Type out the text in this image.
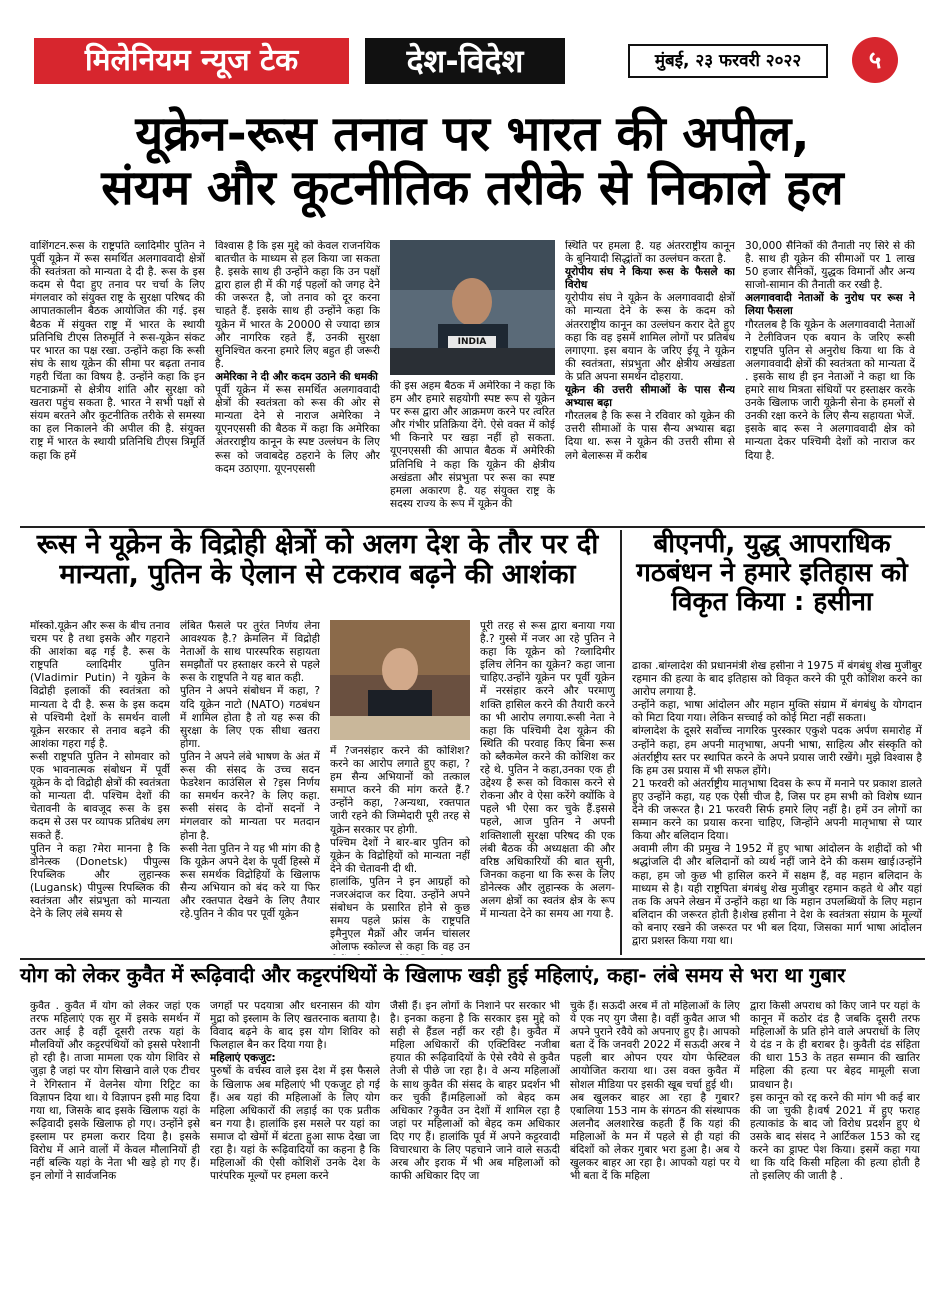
मिलेनियम न्यूज टेक	देश-विदेश	मुंबई, २३ फरवरी २०२२	५
यूक्रेन-रूस तनाव पर भारत की अपील,
संयम और कूटनीतिक तरीके से निकाले हल

वाशिंगटन.रूस के राष्ट्रपति व्लादिमीर पुतिन ने पूर्वी यूक्रेन में रूस समर्थित अलगाववादी क्षेत्रों की स्वतंत्रता को मान्यता दे दी है. रूस के इस कदम से पैदा हुए तनाव पर चर्चा के लिए मंगलवार को संयुक्त राष्ट्र के सुरक्षा परिषद की आपातकालीन बैठक आयोजित की गई. इस बैठक में संयुक्त राष्ट्र में भारत के स्थायी प्रतिनिधि टीएस तिरुमूर्ति ने रूस-यूक्रेन संकट पर भारत का पक्ष रखा. उन्होंने कहा कि रूसी संघ के साथ यूक्रेन की सीमा पर बढ़ता तनाव गहरी चिंता का विषय है. उन्होंने कहा कि इन घटनाक्रमों से क्षेत्रीय शांति और सुरक्षा को खतरा पहुंच सकता है. भारत ने सभी पक्षों से संयम बरतने और कूटनीतिक तरीके से समस्या का हल निकालने की अपील की है. संयुक्त राष्ट्र में भारत के स्थायी प्रतिनिधि टीएस त्रिमूर्ति कहा कि हमें

विश्वास है कि इस मुद्दे को केवल राजनयिक बातचीत के माध्यम से हल किया जा सकता है. इसके साथ ही उन्होंने कहा कि उन पक्षों द्वारा हाल ही में की गई पहलों को जगह देने की जरूरत है, जो तनाव को दूर करना चाहते हैं. इसके साथ ही उन्होंने कहा कि यूक्रेन में भारत के 20000 से ज्यादा छात्र और नागरिक रहते हैं, उनकी सुरक्षा सुनिश्चित करना हमारे लिए बहुत ही जरूरी है.

अमेरिका ने दी और कदम उठाने की धमकी

पूर्वी यूक्रेन में रूस समर्थित अलगाववादी क्षेत्रों की स्वतंत्रता को रूस की ओर से मान्यता देने से नाराज अमेरिका ने यूएनएससी की बैठक में कहा कि अमेरिका अंतरराष्ट्रीय कानून के स्पष्ट उल्लंघन के लिए रूस को जवाबदेह ठहराने के लिए और कदम उठाएगा. यूएनएससी

INDIA

की इस अहम बैठक में अमेरिका ने कहा कि हम और हमारे सहयोगी स्पष्ट रूप से यूक्रेन पर रूस द्वारा और आक्रमण करने पर त्वरित और गंभीर प्रतिक्रिया देंगे. ऐसे वक्त में कोई भी किनारे पर खड़ा नहीं हो सकता. यूएनएससी की आपात बैठक में अमेरिकी प्रतिनिधि ने कहा कि यूक्रेन की क्षेत्रीय अखंडता और संप्रभुता पर रूस का स्पष्ट हमला अकारण है. यह संयुक्त राष्ट्र के सदस्य राज्य के रूप में यूक्रेन की

स्थिति पर हमला है. यह अंतरराष्ट्रीय कानून के बुनियादी सिद्धांतों का उल्लंघन करता है.

यूरोपीय संघ ने किया रूस के फैसले का विरोध

यूरोपीय संघ ने यूक्रेन के अलगाववादी क्षेत्रों को मान्यता देने के रूस के कदम को अंतरराष्ट्रीय कानून का उल्लंघन करार देते हुए कहा कि वह इसमें शामिल लोगों पर प्रतिबंध लगाएगा. इस बयान के जरिए ईयू ने यूक्रेन की स्वतंत्रता, संप्रभुता और क्षेत्रीय अखंडता के प्रति अपना समर्थन दोहराया.

यूक्रेन की उत्तरी सीमाओं के पास सैन्य अभ्यास बढ़ा

गौरतलब है कि रूस ने रविवार को यूक्रेन की उत्तरी सीमाओं के पास सैन्य अभ्यास बढ़ा दिया था. रूस ने यूक्रेन की उत्तरी सीमा से लगे बेलारूस में करीब

30,000 सैनिकों की तैनाती नए सिरे से की है. साथ ही यूक्रेन की सीमाओं पर 1 लाख 50 हजार सैनिकों, युद्धक विमानों और अन्य साजो-सामान की तैनाती कर रखी है.

अलगाववादी नेताओं के नुरोध पर रूस ने लिया फैसला

गौरतलब है कि यूक्रेन के अलगाववादी नेताओं ने टेलीविजन एक बयान के जरिए रूसी राष्ट्रपति पुतिन से अनुरोध किया था कि वे अलगाववादी क्षेत्रों की स्वतंत्रता को मान्यता दें . इसके साथ ही इन नेताओं ने कहा था कि हमारे साथ मित्रता संधियों पर हस्ताक्षर करके उनके खिलाफ जारी यूक्रेनी सेना के हमलों से उनकी रक्षा करने के लिए सैन्य सहायता भेजें. इसके बाद रूस ने अलगाववादी क्षेत्र को मान्यता देकर पश्चिमी देशों को नाराज कर दिया है.

रूस ने यूक्रेन के विद्रोही क्षेत्रों को अलग देश के तौर पर दी मान्यता, पुतिन के ऐलान से टकराव बढ़ने की आशंका

मॉस्को.यूक्रेन और रूस के बीच तनाव चरम पर है तथा इसके और गहराने की आशंका बढ़ गई है. रूस के राष्ट्रपति व्लादिमीर पुतिन (Vladimir Putin) ने यूक्रेन के विद्रोही इलाकों की स्वतंत्रता को मान्यता दे दी है. रूस के इस कदम से पश्चिमी देशों के समर्थन वाली यूक्रेन सरकार से तनाव बढ़ने की आशंका गहरा गई है.

रूसी राष्ट्रपति पुतिन ने सोमवार को एक भावनात्मक संबोधन में पूर्वी यूक्रेन के दो विद्रोही क्षेत्रों की स्वतंत्रता को मान्यता दी. पश्चिम देशों की चेतावनी के बावजूद रूस के इस कदम से उस पर व्यापक प्रतिबंध लग सकते हैं.

पुतिन ने कहा ?मेरा मानना है कि डोनेत्स्क (Donetsk) पीपुल्स रिपब्लिक और लुहान्स्क (Lugansk) पीपुल्स रिपब्लिक की स्वतंत्रता और संप्रभुता को मान्यता देने के लिए लंबे समय से

लंबित फैसले पर तुरंत निर्णय लेना आवश्यक है.? क्रेमलिन में विद्रोही नेताओं के साथ पारस्परिक सहायता समझौतों पर हस्ताक्षर करने से पहले रूस के राष्ट्रपति ने यह बात कही.

पुतिन ने अपने संबोधन में कहा, ?यदि यूक्रेन नाटो (NATO) गठबंधन में शामिल होता है तो यह रूस की सुरक्षा के लिए एक सीधा खतरा होगा.

पुतिन ने अपने लंबे भाषण के अंत में रूस की संसद के उच्च सदन फेडरेशन काउंसिल से ?इस निर्णय का समर्थन करने? के लिए कहा. रूसी संसद के दोनों सदनों ने मंगलवार को मान्यता पर मतदान होना है.

रूसी नेता पुतिन ने यह भी मांग की है कि यूक्रेन अपने देश के पूर्वी हिस्से में रूस समर्थक विद्रोहियों के खिलाफ सैन्य अभियान को बंद करे या फिर और रक्तपात देखने के लिए तैयार रहे.पुतिन ने कीव पर पूर्वी यूक्रेन

में ?जनसंहार करने की कोशिश? करने का आरोप लगाते हुए कहा, ?हम सैन्य अभियानों को तत्काल समाप्त करने की मांग करते हैं.? उन्होंने कहा, ?अन्यथा, रक्तपात जारी रहने की जिम्मेदारी पूरी तरह से यूक्रेन सरकार पर होगी.

पश्चिम देशों ने बार-बार पुतिन को यूक्रेन के विद्रोहियों को मान्यता नहीं देने की चेतावनी दी थी.

हालांकि, पुतिन ने इन आग्रहों को नजरअंदाज कर दिया. उन्होंने अपने संबोधन के प्रसारित होने से कुछ समय पहले फ्रांस के राष्ट्रपति इमैनुएल मैक्रों और जर्मन चांसलर ओलाफ स्कोल्ज से कहा कि वह उन

पूरी तरह से रूस द्वारा बनाया गया है.? गुस्से में नजर आ रहे पुतिन ने कहा कि यूक्रेन को ?व्लादिमीर इलिच लेनिन का यूक्रेन? कहा जाना चाहिए.उन्होंने यूक्रेन पर पूर्वी यूक्रेन में नरसंहार करने और परमाणु शक्ति हासिल करने की तैयारी करने का भी आरोप लगाया.रूसी नेता ने कहा कि पश्चिमी देश यूक्रेन की स्थिति की परवाह किए बिना रूस को ब्लैकमेल करने की कोशिश कर रहे थे. पुतिन ने कहा,उनका एक ही उद्देश्य है रूस को विकास करने से रोकना और वे ऐसा करेंगे क्योंकि वे पहले भी ऐसा कर चुके हैं.इससे पहले, आज पुतिन ने अपनी शक्तिशाली सुरक्षा परिषद की एक लंबी बैठक की अध्यक्षता की और वरिष्ठ अधिकारियों की बात सुनी, जिनका कहना था कि रूस के लिए डोनेत्स्क और लुहान्स्क के अलग-अलग क्षेत्रों का स्वतंत्र क्षेत्र के रूप में मान्यता देने का समय आ गया है.

बीएनपी, युद्ध आपराधिक गठबंधन ने हमारे इतिहास को विकृत किया : हसीना

ढाका .बांग्लादेश की प्रधानमंत्री शेख हसीना ने 1975 में बंगबंधु शेख मुजीबुर रहमान की हत्या के बाद इतिहास को विकृत करने की पूरी कोशिश करने का आरोप लगाया है.

उन्होंने कहा, भाषा आंदोलन और महान मुक्ति संग्राम में बंगबंधु के योगदान को मिटा दिया गया। लेकिन सच्चाई को कोई मिटा नहीं सकता।

बांग्लादेश के दूसरे सर्वोच्च नागरिक पुरस्कार एकुशे पदक अर्पण समारोह में उन्होंने कहा, हम अपनी मातृभाषा, अपनी भाषा, साहित्य और संस्कृति को अंतर्राष्ट्रीय स्तर पर स्थापित करने के अपने प्रयास जारी रखेंगे। मुझे विश्वास है कि हम उस प्रयास में भी सफल होंगे।

21 फरवरी को अंतर्राष्ट्रीय मातृभाषा दिवस के रूप में मनाने पर प्रकाश डालते हुए उन्होंने कहा, यह एक ऐसी चीज है, जिस पर हम सभी को विशेष ध्यान देने की जरूरत है। 21 फरवरी सिर्फ हमारे लिए नहीं है। हमें उन लोगों का सम्मान करने का प्रयास करना चाहिए, जिन्होंने अपनी मातृभाषा से प्यार किया और बलिदान दिया।

अवामी लीग की प्रमुख ने 1952 में हुए भाषा आंदोलन के शहीदों को भी श्रद्धांजलि दी और बलिदानों को व्यर्थ नहीं जाने देने की कसम खाई।उन्होंने कहा, हम जो कुछ भी हासिल करने में सक्षम हैं, वह महान बलिदान के माध्यम से है। यही राष्ट्रपिता बंगबंधु शेख मुजीबुर रहमान कहते थे और यहां तक कि अपने लेखन में उन्होंने कहा था कि महान उपलब्धियों के लिए महान बलिदान की जरूरत होती है।शेख हसीना ने देश के स्वतंत्रता संग्राम के मूल्यों को बनाए रखने की जरूरत पर भी बल दिया, जिसका मार्ग भाषा आंदोलन द्वारा प्रशस्त किया गया था।

योग को लेकर कुवैत में रूढ़िवादी और कट्टरपंथियों के खिलाफ खड़ी हुई महिलाएं, कहा- लंबे समय से भरा था गुबार

कुवैत . कुवैत में योग को लेकर जहां एक तरफ महिलाएं एक सुर में इसके समर्थन में उतर आई है वहीं दूसरी तरफ यहां के मौलवियों और कट्टरपंथियों को इससे परेशानी हो रही है। ताजा मामला एक योग शिविर से जुड़ा है जहां पर योग सिखाने वाले एक टीचर ने रेगिस्तान में वेलनेस योगा रिट्रिट का विज्ञापन दिया था। ये विज्ञापन इसी माह दिया गया था, जिसके बाद इसके खिलाफ यहां के रूढ़िवादी इसके खिलाफ हो गए। उन्होंने इसे इस्लाम पर हमला करार दिया है। इसके विरोध में आने वालों में केवल मौलानियों ही नहीं बल्कि यहां के नेता भी खड़े हो गए हैं। इन लोगों ने सार्वजनिक

जगहों पर पदयात्रा और धरनासन की योग मुद्रा को इस्लाम के लिए खतरनाक बताया है। विवाद बढ़ने के बाद इस योग शिविर को फिलहाल बैन कर दिया गया है।

महिलाएं एकजुट:

पुरुषों के वर्चस्व वाले इस देश में इस फैसले के खिलाफ अब महिलाएं भी एकजुट हो गई हैं। अब यहां की महिलाओं के लिए योग महिला अधिकारों की लड़ाई का एक प्रतीक बन गया है। हालांकि इस मसले पर यहां का समाज दो खेमों में बंटता हुआ साफ देखा जा रहा है। यहां के रूढ़िवादियों का कहना है कि महिलाओं की ऐसी कोशिशें उनके देश के पारंपरिक मूल्यों पर हमला करने

जैसी हैं। इन लोगों के निशाने पर सरकार भी है। इनका कहना है कि सरकार इस मुद्दे को सही से हैंडल नहीं कर रही है। कुवैत में महिला अधिकारों की एक्टिविस्ट नजीबा हयात की रूढ़िवादियों के ऐसे रवैये से कुवैत तेजी से पीछे जा रहा है। वे अन्य महिलाओं के साथ कुवैत की संसद के बाहर प्रदर्शन भी कर चुकी हैं।महिलाओं को बेहद कम अधिकार ?कुवैत उन देशों में शामिल रहा है जहां पर महिलाओं को बेहद कम अधिकार दिए गए हैं। हालांकि पूर्व में अपने कट्टरवादी विचारधारा के लिए पहचाने जाने वाले सऊदी अरब और इराक में भी अब महिलाओं को काफी अधिकार दिए जा

चुके हैं। सऊदी अरब में तो महिलाओं के लिए ये एक नए युग जैसा है। वहीं कुवैत आज भी अपने पुराने रवैये को अपनाए हुए है। आपको बता दें कि जनवरी 2022 में सऊदी अरब ने पहली बार ओपन एयर योग फेस्टिवल आयोजित कराया था। उस वक्त कुवैत में सोशल मीडिया पर इसकी खूब चर्चा हुई थी।

अब खुलकर बाहर आ रहा है गुबार? एबालिया 153 नाम के संगठन की संस्थापक अलनौद अलशारेख कहती हैं कि यहां की महिलाओं के मन में पहले से ही यहां की बंदिशों को लेकर गुबार भरा हुआ है। अब ये खुलकर बाहर आ रहा है। आपको यहां पर ये भी बता दें कि महिला

द्वारा किसी अपराध को किए जाने पर यहां के कानून में कठोर दंड है जबकि दूसरी तरफ महिलाओं के प्रति होने वाले अपराधों के लिए ये दंड न के ही बराबर है। कुवैती दंड संहिता की धारा 153 के तहत सम्मान की खातिर महिला की हत्या पर बेहद मामूली सजा प्रावधान है।

इस कानून को रद्द करने की मांग भी कई बार की जा चुकी है।वर्ष 2021 में हुए फराह हत्याकांड के बाद जो विरोध प्रदर्शन हुए थे उसके बाद संसद ने आर्टिकल 153 को रद्द करने का ड्राफ्ट पेश किया। इसमें कहा गया था कि यदि किसी महिला की हत्या होती है तो इसलिए की जाती है .
